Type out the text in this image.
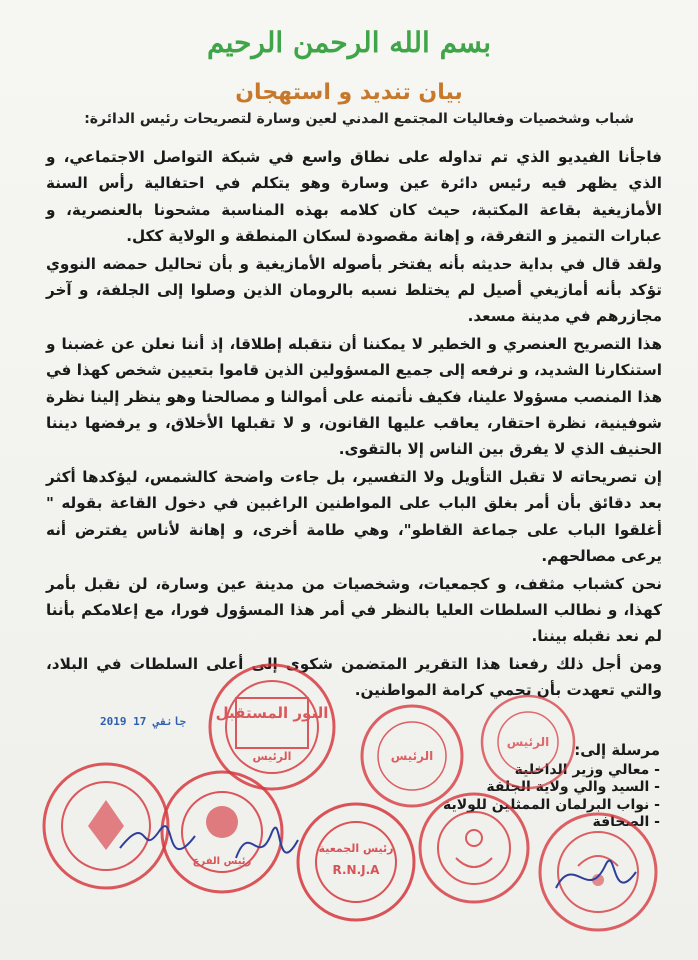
بسم الله الرحمن الرحيم
بيان تنديد و استهجان
شباب وشخصيات وفعاليات المجتمع المدني لعين وسارة لتصريحات رئيس الدائرة:

فاجأنا الفيديو الذي تم تداوله على نطاق واسع في شبكة التواصل الاجتماعي، و الذي يظهر فيه رئيس دائرة عين وسارة وهو يتكلم في احتفالية رأس السنة الأمازيغية بقاعة المكتبة، حيث كان كلامه بهذه المناسبة مشحونا بالعنصرية، و عبارات التميز و التفرقة، و إهانة مقصودة لسكان المنطقة و الولاية ككل.

ولقد قال في بداية حديثه بأنه يفتخر بأصوله الأمازيغية و بأن تحاليل حمضه النووي تؤكد بأنه أمازيغي أصيل لم يختلط نسبه بالرومان الذين وصلوا إلى الجلفة، و آخر مجازرهم في مدينة مسعد.

هذا التصريح العنصري و الخطير لا يمكننا أن نتقبله إطلاقا، إذ أننا نعلن عن غضبنا و استنكارنا الشديد، و نرفعه إلى جميع المسؤولين الذين قاموا بتعيين شخص كهذا في هذا المنصب مسؤولا علينا، فكيف نأتمنه على أموالنا و مصالحنا وهو ينظر إلينا نظرة شوفينية، نظرة احتقار، يعاقب عليها القانون، و لا تقبلها الأخلاق، و يرفضها ديننا الحنيف الذي لا يفرق بين الناس إلا بالتقوى.

إن تصريحاته لا تقبل التأويل ولا التفسير، بل جاءت واضحة كالشمس، ليؤكدها أكثر بعد دقائق بأن أمر بغلق الباب على المواطنين الراغبين في دخول القاعة بقوله " أغلقوا الباب على جماعة القاطو"، وهي طامة أخرى، و إهانة لأناس يفترض أنه يرعى مصالحهم.

نحن كشباب مثقف، و كجمعيات، وشخصيات من مدينة عين وسارة، لن نقبل بأمر كهذا، و نطالب السلطات العليا بالنظر في أمر هذا المسؤول فورا، مع إعلامكم بأننا لم نعد نقبله بيننا.

ومن أجل ذلك رفعنا هذا التقرير المتضمن شكوى إلى أعلى السلطات في البلاد، والتي تعهدت بأن تحمي كرامة المواطنين.

2019 جانفي 17
مرسلة إلى:
- معالي وزير الداخلية
- السيد والي ولاية الجلفة
- نواب البرلمان الممثلين للولاية
- الصحافة
النور المستقبل
الرئيس	الرئيس
الرئيس
رئيس الجمعية
R.N.J.A
رئيس الفرع
